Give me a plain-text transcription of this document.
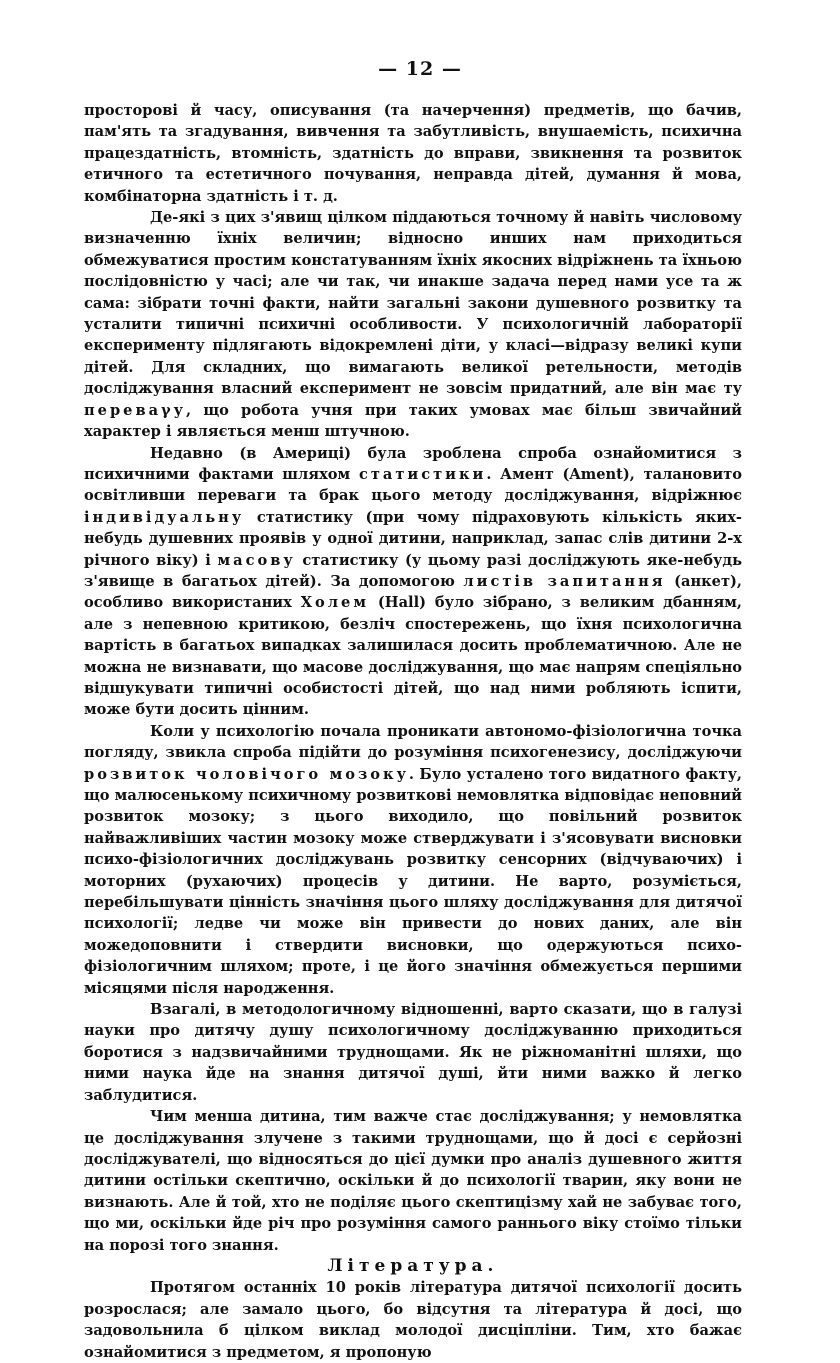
— 12 —

просторові й часу, описування (та начерчення) предметів, що бачив, пам'ять та згадування, вивчення та забутливість, внушаемість, психична працездатність, втомність, здатність до вправи, звикнення та розвиток етичного та естетичного почування, неправда дітей, думання й мова, комбінаторна здатність і т. д.

Де-які з цих з'явищ цілком піддаються точному й навіть числовому визначенню їхніх величин; відносно инших нам приходиться обмежуватися простим констатуванням їхніх якосних відріжнень та їхньою послідовністю у часі; але чи так, чи инакше задача перед нами усе та ж сама: зібрати точні факти, найти загальні закони душевного розвитку та усталити типичні психичні особливости. У психологичній лабораторії експерименту підлягають відокремлені діти, у класі—відразу великі купи дітей. Для складних, що вимагають великої ретельности, методів досліджування власний експеримент не зовсім придатний, але він має ту переваγу, що робота учня при таких умовах має більш звичайний характер і являється менш штучною.

Недавно (в Америці) була зроблена спроба ознайомитися з психичними фактами шляхом статистики. Амент (Ament), талановито освітливши переваги та брак цього методу досліджування, відріжнює індивідуальну статистику (при чому підраховують кількість яких-небудь душевних проявів у одної дитини, наприклад, запас слів дитини 2-х річного віку) і масову статистику (у цьому разі досліджують яке-небудь з'явище в багатьох дітей). За допомогою листів запитання (анкет), особливо використаних Холем (Hall) було зібрано, з великим дбанням, але з непевною критикою, безліч спостережень, що їхня психологична вартість в багатьох випадках залишилася досить проблематичною. Але не можна не визнавати, що масове досліджування, що має напрям спеціяльно відшукувати типичні особистості дітей, що над ними робляють іспити, може бути досить цінним.

Коли у психологію почала проникати автономо-фізіологична точка погляду, звикла спроба підійти до розуміння психогенезису, досліджуючи розвиток чоловічого мозоку. Було усталено того видатного факту, що малюсенькому психичному розвиткові немовлятка відповідає неповний розвиток мозоку; з цього виходило, що повільний розвиток найважливіших частин мозоку може стверджувати і з'ясовувати висновки психо-фізіологичних досліджувань розвитку сенсорних (відчуваючих) і моторних (рухаючих) процесів у дитини. Не варто, розуміється, перебільшувати цінність значіння цього шляху досліджування для дитячої психології; ледве чи може він привести до нових даних, але він можедоповнити і ствердити висновки, що одержуються психо-фізіологичним шляхом; проте, і це його значіння обмежується першими місяцями після народження.

Взагалі, в методологичному відношенні, варто сказати, що в галузі науки про дитячу душу психологичному досліджуванню приходиться боротися з надзвичайними труднощами. Як не ріжноманітні шляхи, що ними наука йде на знання дитячої душі, йти ними важко й легко заблудитися.

Чим менша дитина, тим важче стає досліджування; у немовлятка це досліджування злучене з такими труднощами, що й досі є серйозні досліджувателі, що відносяться до цієї думки про аналіз душевного життя дитини остільки скептично, оскільки й до психології тварин, яку вони не визнають. Але й той, хто не поділяє цього скептицізму хай не забуває того, що ми, оскільки йде річ про розуміння самого раннього віку стоїмо тільки на порозі того знання.

Література.

Протягом останніх 10 років література дитячої психології досить розрослася; але замало цього, бо відсутня та література й досі, що задовольнила б цілком виклад молодої дисціпліни. Тим, хто бажає ознайомитися з предметом, я пропоную
